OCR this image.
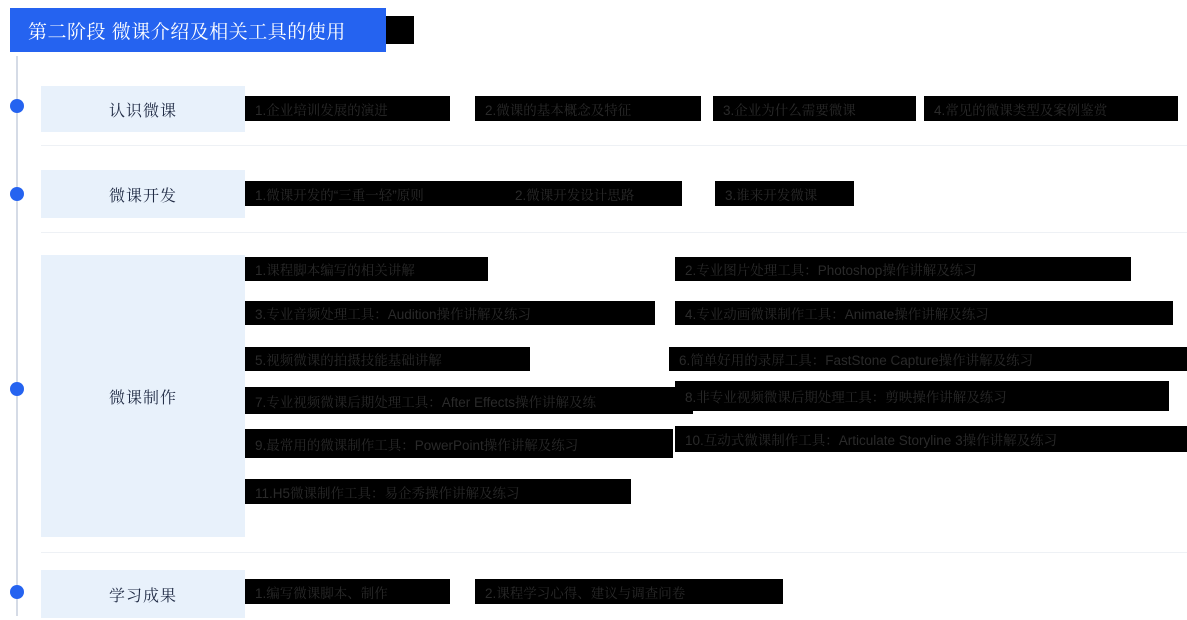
第二阶段 微课介绍及相关工具的使用
认识微课	1.企业培训发展的演进	2.微课的基本概念及特征	3.企业为什么需要微课	4.常见的微课类型及案例鉴赏
微课开发	1.微课开发的“三重一轻”原则	2.微课开发设计思路	3.谁来开发微课
微课制作
1.课程脚本编写的相关讲解	2.专业图片处理工具：Photoshop操作讲解及练习
3.专业音频处理工具：Audition操作讲解及练习	4.专业动画微课制作工具：Animate操作讲解及练习
5.视频微课的拍摄技能基础讲解	6.简单好用的录屏工具：FastStone Capture操作讲解及练习
7.专业视频微课后期处理工具：After Effects操作讲解及练	8.非专业视频微课后期处理工具：剪映操作讲解及练习
9.最常用的微课制作工具：PowerPoint操作讲解及练习	10.互动式微课制作工具：Articulate Storyline 3操作讲解及练习
11.H5微课制作工具：易企秀操作讲解及练习
学习成果	1.编写微课脚本、制作	2.课程学习心得、建议与调查问卷
